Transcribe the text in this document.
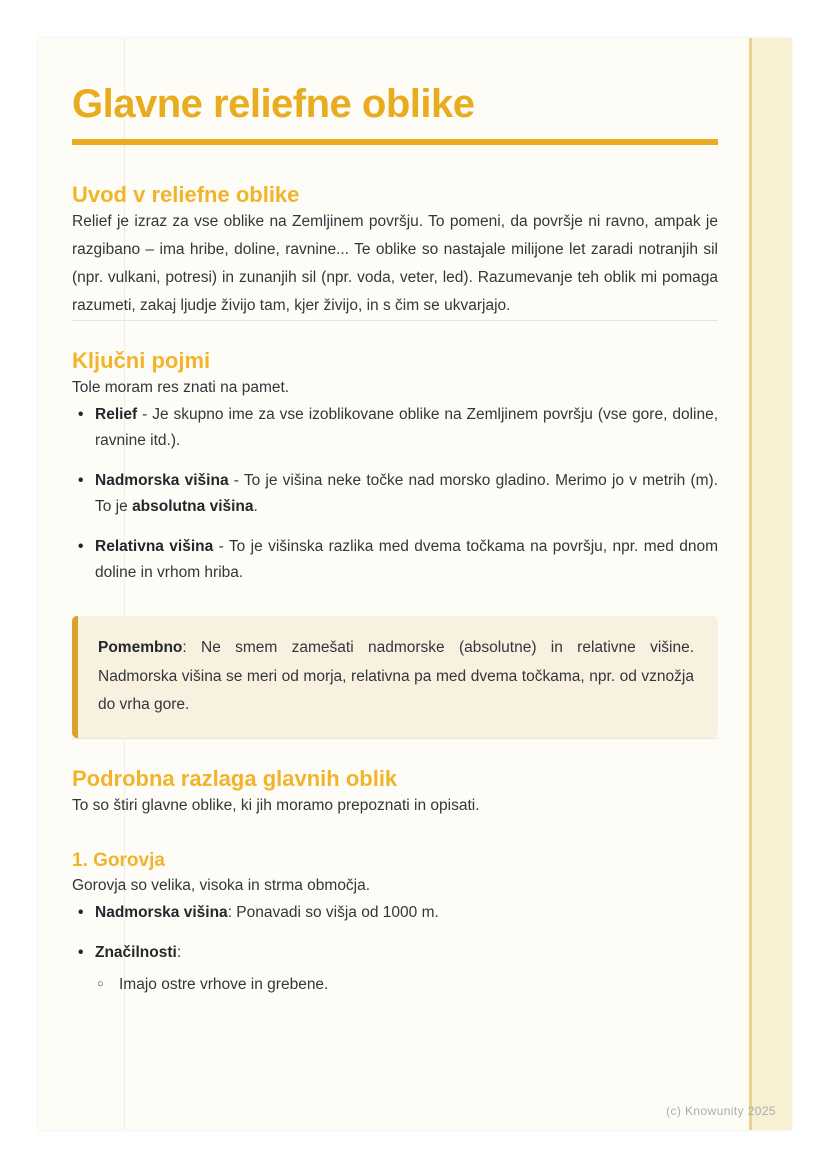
Glavne reliefne oblike
Uvod v reliefne oblike

Relief je izraz za vse oblike na Zemljinem površju. To pomeni, da površje ni ravno, ampak je razgibano – ima hribe, doline, ravnine... Te oblike so nastajale milijone let zaradi notranjih sil (npr. vulkani, potresi) in zunanjih sil (npr. voda, veter, led). Razumevanje teh oblik mi pomaga razumeti, zakaj ljudje živijo tam, kjer živijo, in s čim se ukvarjajo.

Ključni pojmi

Tole moram res znati na pamet.

• Relief - Je skupno ime za vse izoblikovane oblike na Zemljinem površju (vse gore, doline, ravnine itd.).
• Nadmorska višina - To je višina neke točke nad morsko gladino. Merimo jo v metrih (m). To je absolutna višina.
• Relativna višina - To je višinska razlika med dvema točkama na površju, npr. med dnom doline in vrhom hriba.

Pomembno: Ne smem zamešati nadmorske (absolutne) in relativne višine. Nadmorska višina se meri od morja, relativna pa med dvema točkama, npr. od vznožja do vrha gore.

Podrobna razlaga glavnih oblik

To so štiri glavne oblike, ki jih moramo prepoznati in opisati.

1. Gorovja

Gorovja so velika, visoka in strma območja.

• Nadmorska višina: Ponavadi so višja od 1000 m.
• Značilnosti:
○ Imajo ostre vrhove in grebene.
(c) Knowunity 2025
